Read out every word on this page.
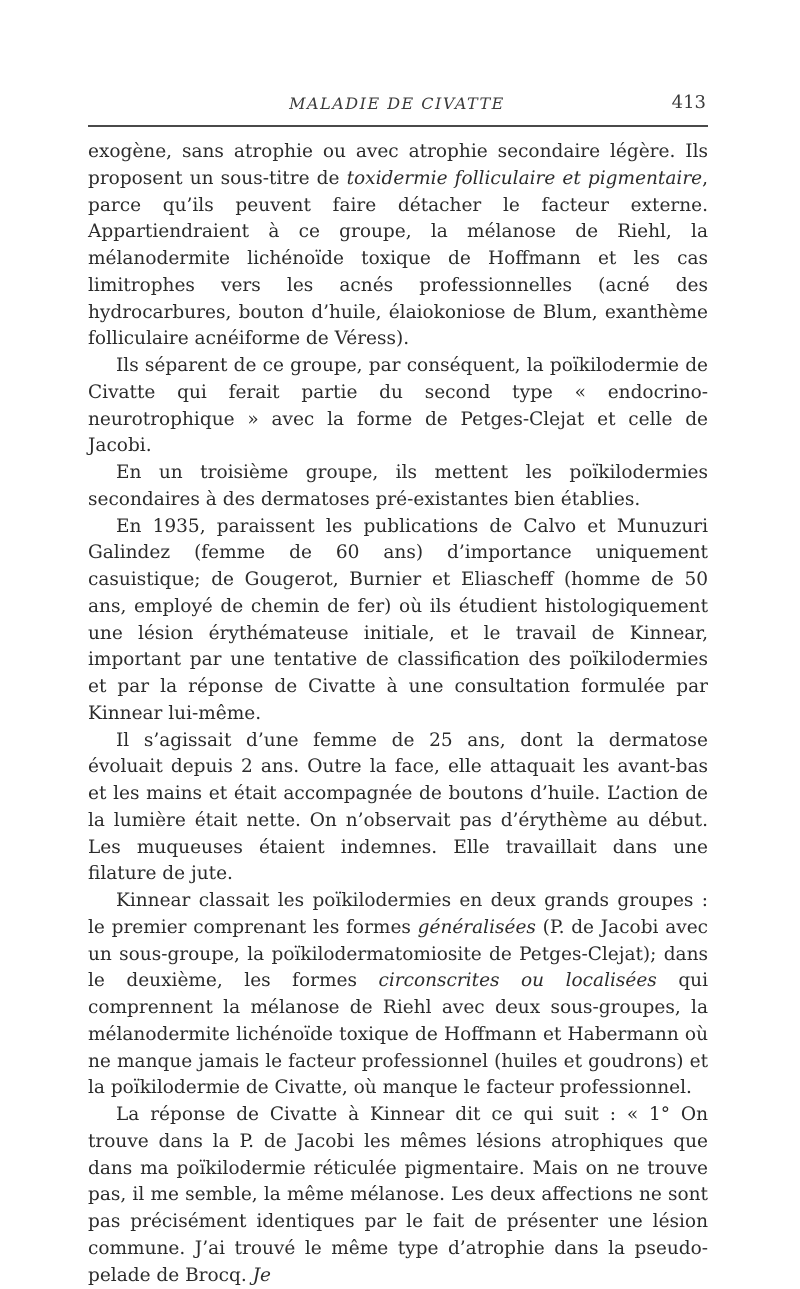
MALADIE DE CIVATTE	413

exogène, sans atrophie ou avec atrophie secondaire légère. Ils proposent un sous-titre de toxidermie folliculaire et pigmentaire, parce qu’ils peuvent faire détacher le facteur externe. Appartiendraient à ce groupe, la mélanose de Riehl, la mélanodermite lichénoïde toxique de Hoffmann et les cas limitrophes vers les acnés professionnelles (acné des hydrocarbures, bouton d’huile, élaiokoniose de Blum, exanthème folliculaire acnéiforme de Véress).

Ils séparent de ce groupe, par conséquent, la poïkilodermie de Civatte qui ferait partie du second type « endocrino-neurotrophique » avec la forme de Petges-Clejat et celle de Jacobi.

En un troisième groupe, ils mettent les poïkilodermies secondaires à des dermatoses pré-existantes bien établies.

En 1935, paraissent les publications de Calvo et Munuzuri Galindez (femme de 60 ans) d’importance uniquement casuistique; de Gougerot, Burnier et Eliascheff (homme de 50 ans, employé de chemin de fer) où ils étudient histologiquement une lésion érythémateuse initiale, et le travail de Kinnear, important par une tentative de classification des poïkilodermies et par la réponse de Civatte à une consultation formulée par Kinnear lui-même.

Il s’agissait d’une femme de 25 ans, dont la dermatose évoluait depuis 2 ans. Outre la face, elle attaquait les avant-bas et les mains et était accompagnée de boutons d’huile. L’action de la lumière était nette. On n’observait pas d’érythème au début. Les muqueuses étaient indemnes. Elle travaillait dans une filature de jute.

Kinnear classait les poïkilodermies en deux grands groupes : le premier comprenant les formes généralisées (P. de Jacobi avec un sous-groupe, la poïkilodermatomiosite de Petges-Clejat); dans le deuxième, les formes circonscrites ou localisées qui comprennent la mélanose de Riehl avec deux sous-groupes, la mélanodermite lichénoïde toxique de Hoffmann et Habermann où ne manque jamais le facteur professionnel (huiles et goudrons) et la poïkilodermie de Civatte, où manque le facteur professionnel.

La réponse de Civatte à Kinnear dit ce qui suit : « 1° On trouve dans la P. de Jacobi les mêmes lésions atrophiques que dans ma poïkilodermie réticulée pigmentaire. Mais on ne trouve pas, il me semble, la même mélanose. Les deux affections ne sont pas précisément identiques par le fait de présenter une lésion commune. J’ai trouvé le même type d’atrophie dans la pseudo-pelade de Brocq. Je
